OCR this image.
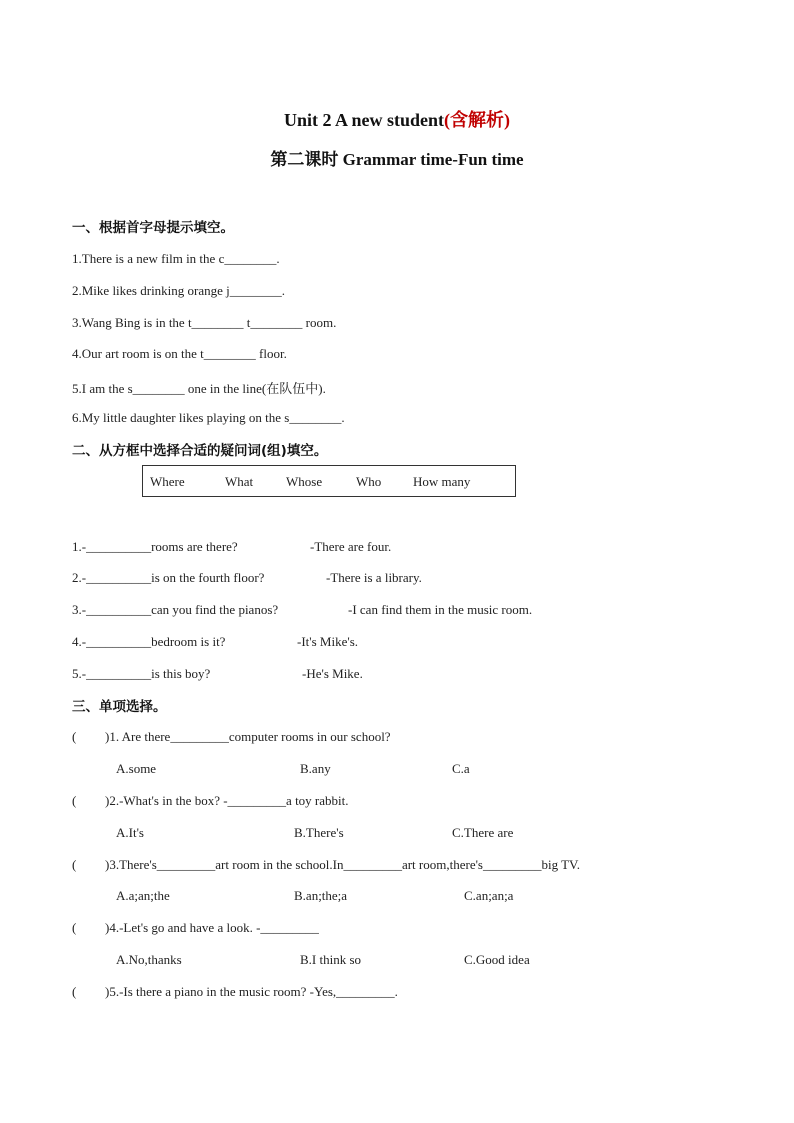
Unit 2 A new student(含解析)
第二课时 Grammar time-Fun time
一、根据首字母提示填空。
1.There is a new film in the c________.
2.Mike likes drinking orange j________.
3.Wang Bing is in the t________ t________ room.
4.Our art room is on the t________ floor.
5.I am the s________ one in the line(在队伍中).
6.My little daughter likes playing on the s________.
二、从方框中选择合适的疑问词(组)填空。
Where	What	Whose	Who How many
1.-__________rooms are there?	-There are four.
2.-__________is on the fourth floor?	-There is a library.
3.-__________can you find the pianos?	-I can find them in the music room.
4.-__________bedroom is it?	-It's Mike's.
5.-__________is this boy?	-He's Mike.
三、单项选择。
( )1. Are there_________computer rooms in our school?
A.some	B.any	C.a
( )2.-What's in the box? -_________a toy rabbit.
A.It's	B.There's	C.There are
( )3.There's_________art room in the school.In_________art room,there's_________big TV.
A.a;an;the	B.an;the;a	C.an;an;a
( )4.-Let's go and have a look. -_________
A.No,thanks	B.I think so	C.Good idea
( )5.-Is there a piano in the music room? -Yes,_________.
